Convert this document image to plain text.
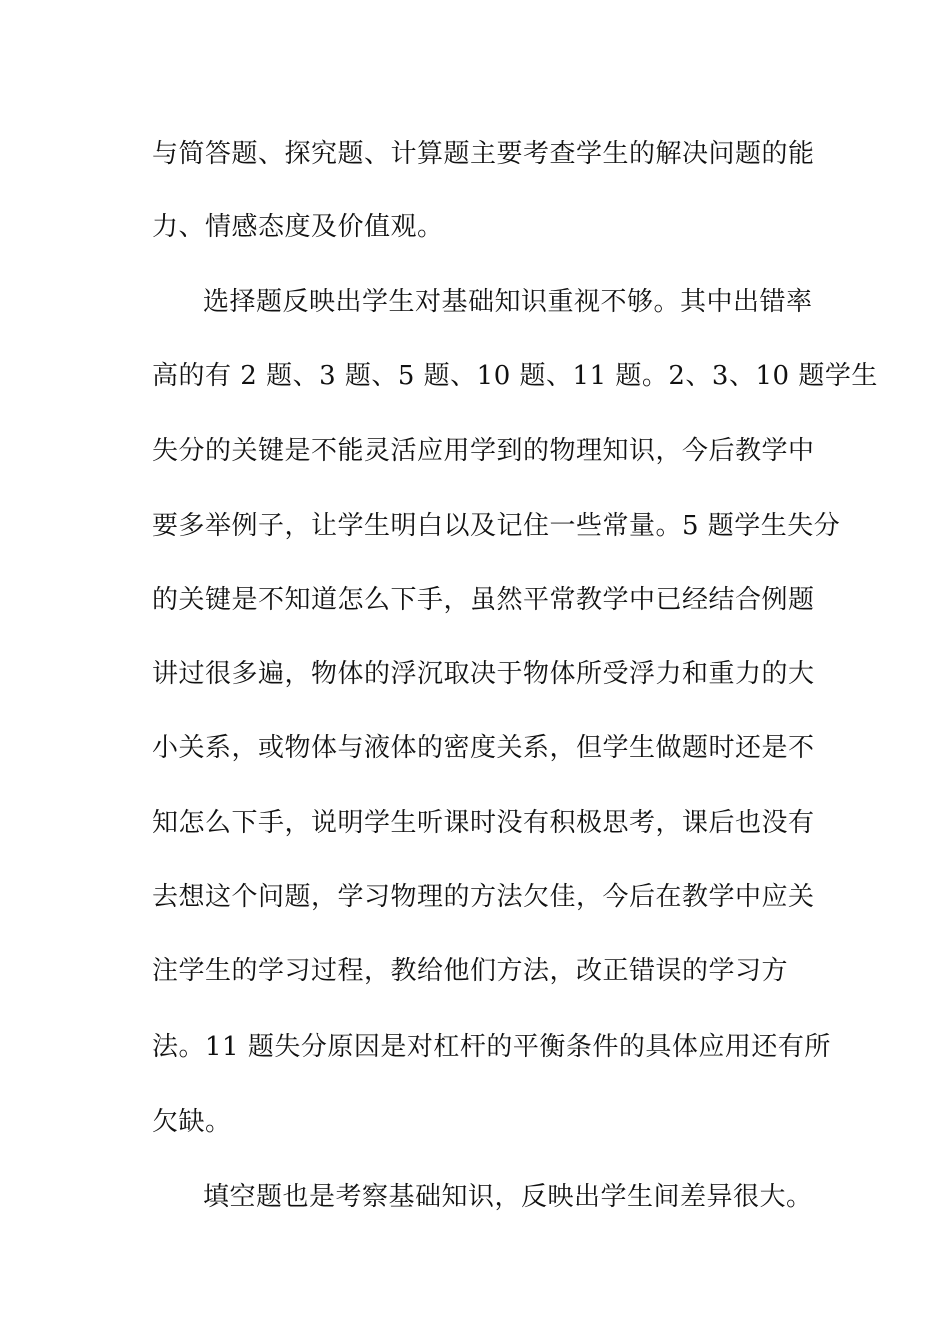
与简答题、探究题、计算题主要考查学生的解决问题的能
力、情感态度及价值观。
选择题反映出学生对基础知识重视不够。其中出错率
高的有 2 题、3 题、5 题、10 题、11 题。2、3、10 题学生
失分的关键是不能灵活应用学到的物理知识，今后教学中
要多举例子，让学生明白以及记住一些常量。5 题学生失分
的关键是不知道怎么下手，虽然平常教学中已经结合例题
讲过很多遍，物体的浮沉取决于物体所受浮力和重力的大
小关系，或物体与液体的密度关系，但学生做题时还是不
知怎么下手，说明学生听课时没有积极思考，课后也没有
去想这个问题，学习物理的方法欠佳，今后在教学中应关
注学生的学习过程，教给他们方法，改正错误的学习方
法。11 题失分原因是对杠杆的平衡条件的具体应用还有所
欠缺。
填空题也是考察基础知识，反映出学生间差异很大。
